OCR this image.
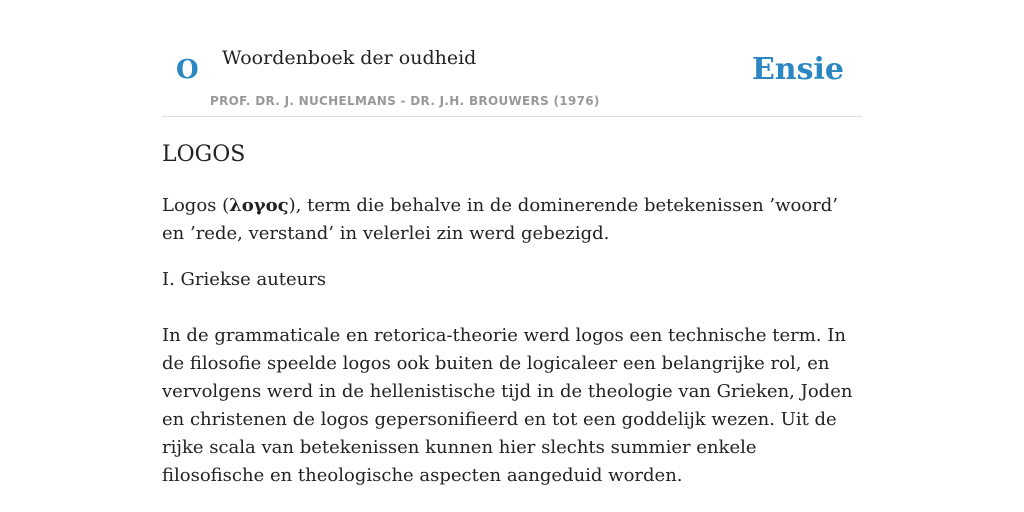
O Woordenboek der oudheid
PROF. DR. J. NUCHELMANS - DR. J.H. BROUWERS (1976)
Ensie
LOGOS

Logos (λογος), term die behalve in de dominerende betekenissen ’woord’ en ’rede, verstand’ in velerlei zin werd gebezigd.

I. Griekse auteurs

In de grammaticale en retorica-theorie werd logos een technische term. In de filosofie speelde logos ook buiten de logicaleer een belangrijke rol, en vervolgens werd in de hellenistische tijd in de theologie van Grieken, Joden en christenen de logos gepersonifieerd en tot een goddelijk wezen. Uit de rijke scala van betekenissen kunnen hier slechts summier enkele filosofische en theologische aspecten aangeduid worden.
